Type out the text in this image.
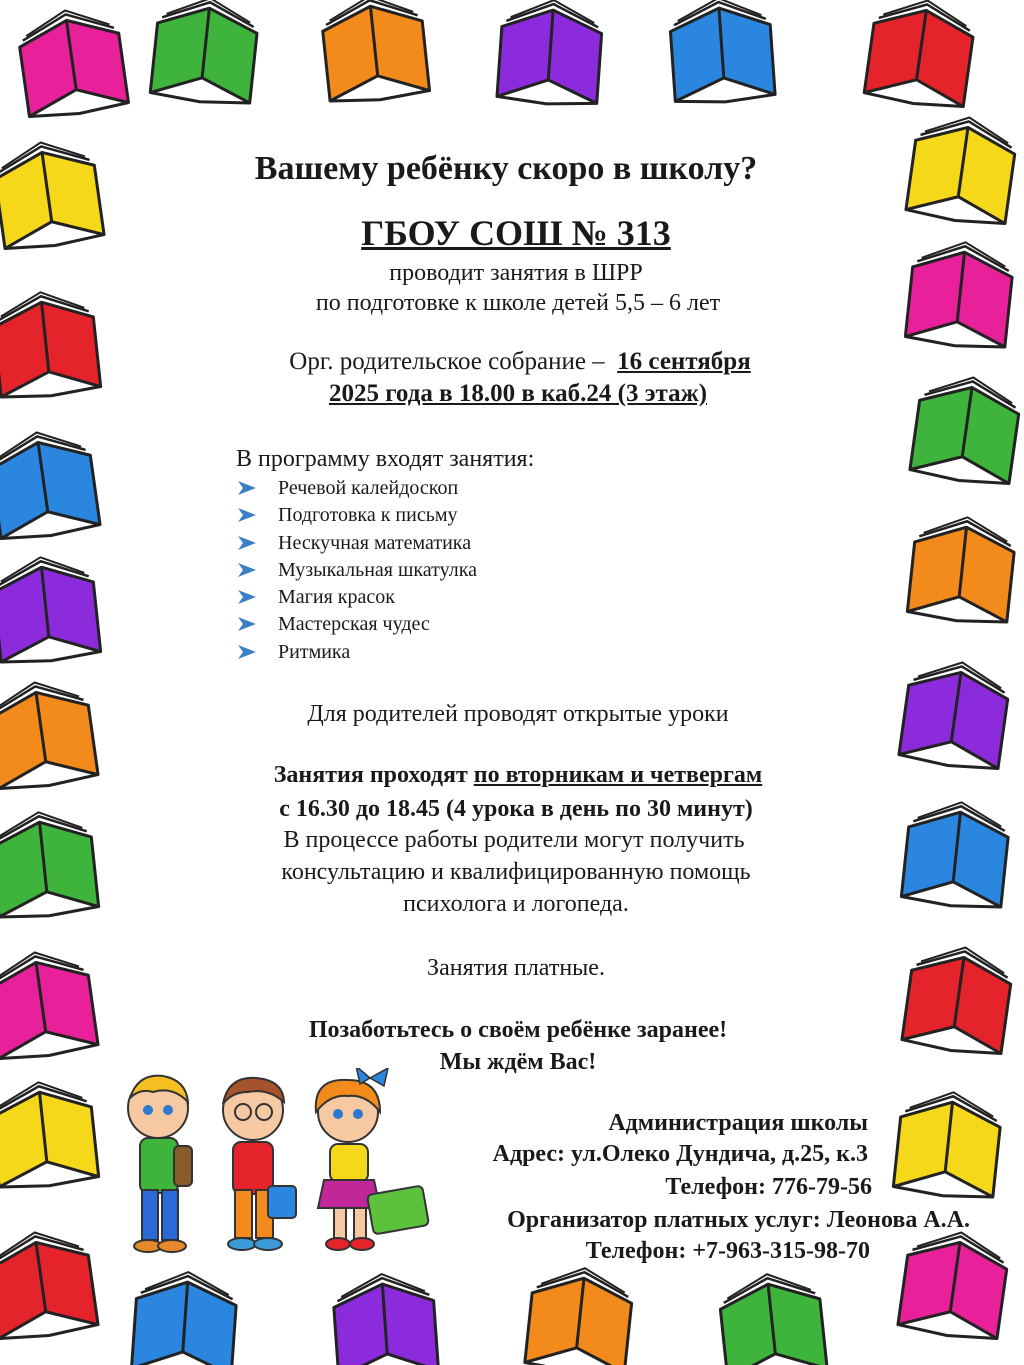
Вашему ребёнку скоро в школу?
ГБОУ СОШ № 313
проводит занятия в ШРР
по подготовке к школе детей 5,5 – 6 лет
Орг. родительское собрание –  16 сентября
2025 года в 18.00 в каб.24 (3 этаж)
В программу входят занятия:
Речевой калейдоскоп
Подготовка к письму
Нескучная математика
Музыкальная шкатулка
Магия красок
Мастерская чудес
Ритмика
Для родителей проводят открытые уроки
Занятия проходят по вторникам и четвергам
с 16.30 до 18.45 (4 урока в день по 30 минут)
В процессе работы родители могут получить
консультацию и квалифицированную помощь
психолога и логопеда.
Занятия платные.
Позаботьтесь о своём ребёнке заранее!
Мы ждём Вас!
Администрация школы
Адрес: ул.Олеко Дундича, д.25, к.3
Телефон: 776-79-56
Организатор платных услуг: Леонова А.А.
Телефон: +7-963-315-98-70
